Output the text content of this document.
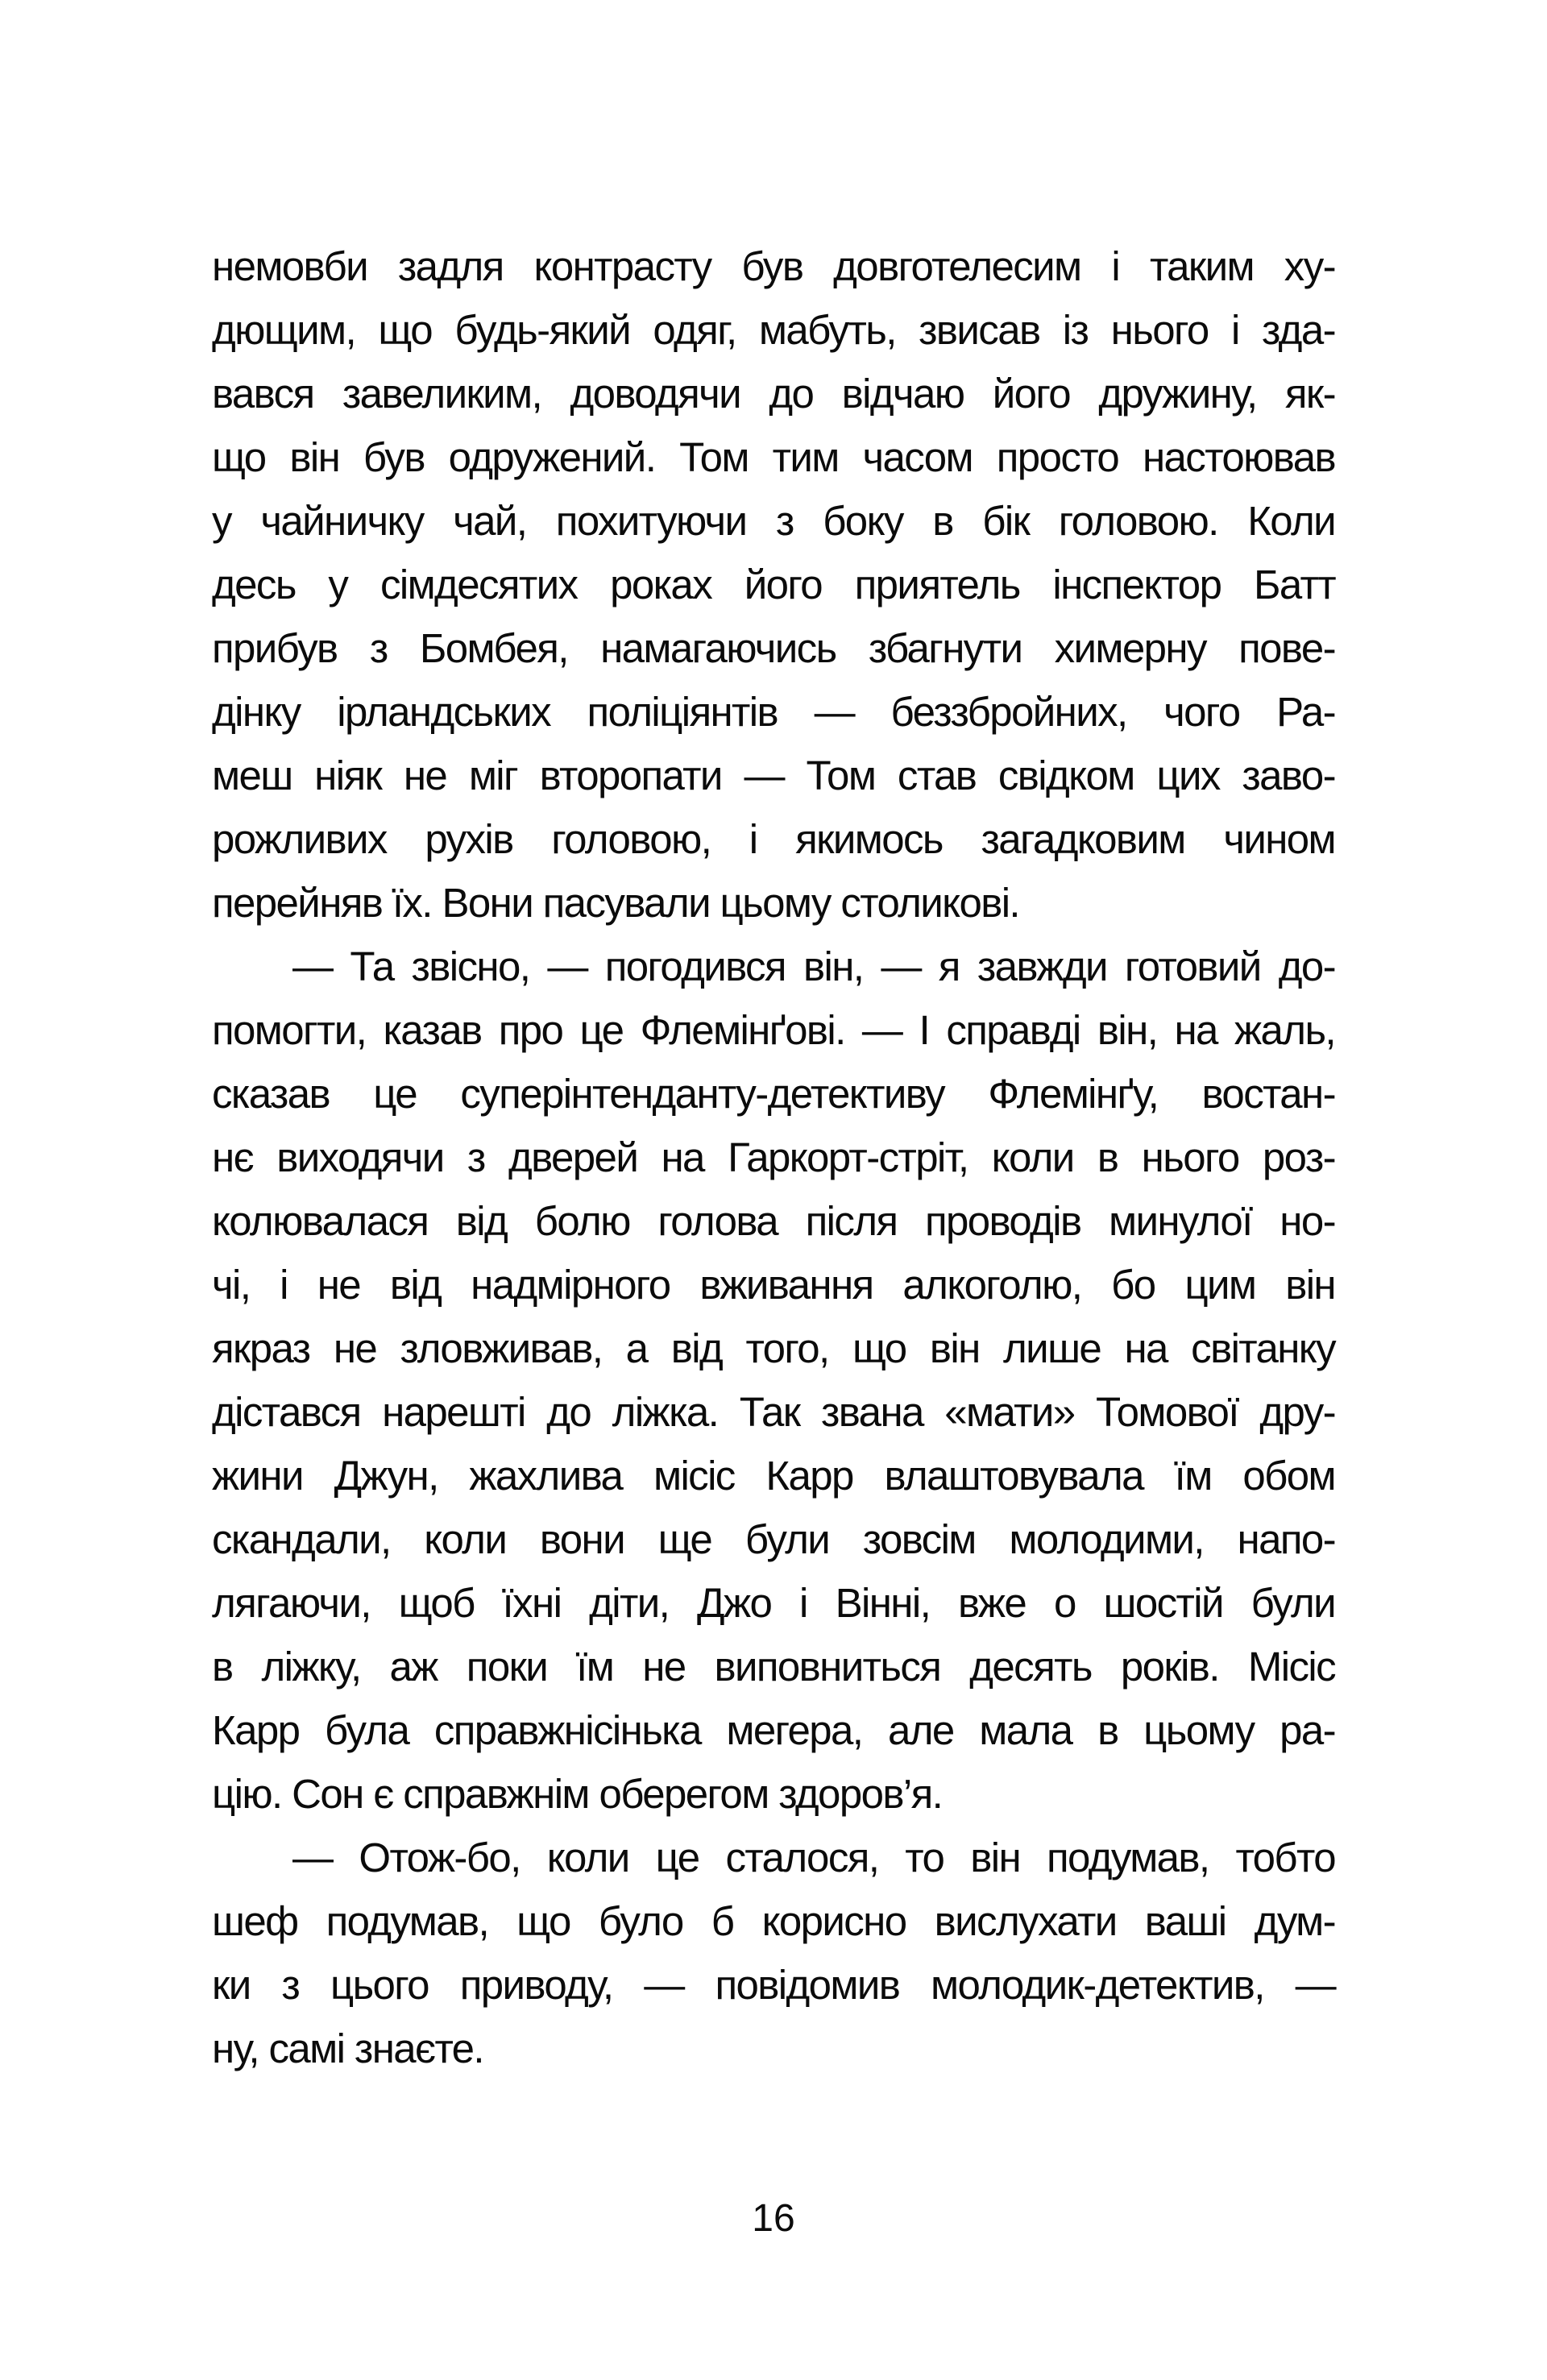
немовби задля контрасту був довготелесим і таким ху-
дющим, що будь-який одяг, мабуть, звисав із нього і зда-
вався завеликим, доводячи до відчаю його дружину, як-
що він був одружений. Том тим часом просто настоював
у чайничку чай, похитуючи з боку в бік головою. Коли
десь у сімдесятих роках його приятель інспектор Батт
прибув з Бомбея, намагаючись збагнути химерну пове-
дінку ірландських поліціянтів — беззбройних, чого Ра-
меш ніяк не міг второпати — Том став свідком цих заво-
рожливих рухів головою, і якимось загадковим чином
перейняв їх. Вони пасували цьому столикові.
— Та звісно, — погодився він, — я завжди готовий до-
помогти, казав про це Флемінґові. — І справді він, на жаль,
сказав це суперінтенданту-детективу Флемінґу, востан-
нє виходячи з дверей на Гаркорт-стріт, коли в нього роз-
колювалася від болю голова після проводів минулої но-
чі, і не від надмірного вживання алкоголю, бо цим він
якраз не зловживав, а від того, що він лише на світанку
дістався нарешті до ліжка. Так звана «мати» Томової дру-
жини Джун, жахлива місіс Карр влаштовувала їм обом
скандали, коли вони ще були зовсім молодими, напо-
лягаючи, щоб їхні діти, Джо і Вінні, вже о шостій були
в ліжку, аж поки їм не виповниться десять років. Місіс
Карр була справжнісінька мегера, але мала в цьому ра-
цію. Сон є справжнім оберегом здоров’я.
— Отож-бо, коли це сталося, то він подумав, тобто
шеф подумав, що було б корисно вислухати ваші дум-
ки з цього приводу, — повідомив молодик-детектив, —
ну, самі знаєте.
16
